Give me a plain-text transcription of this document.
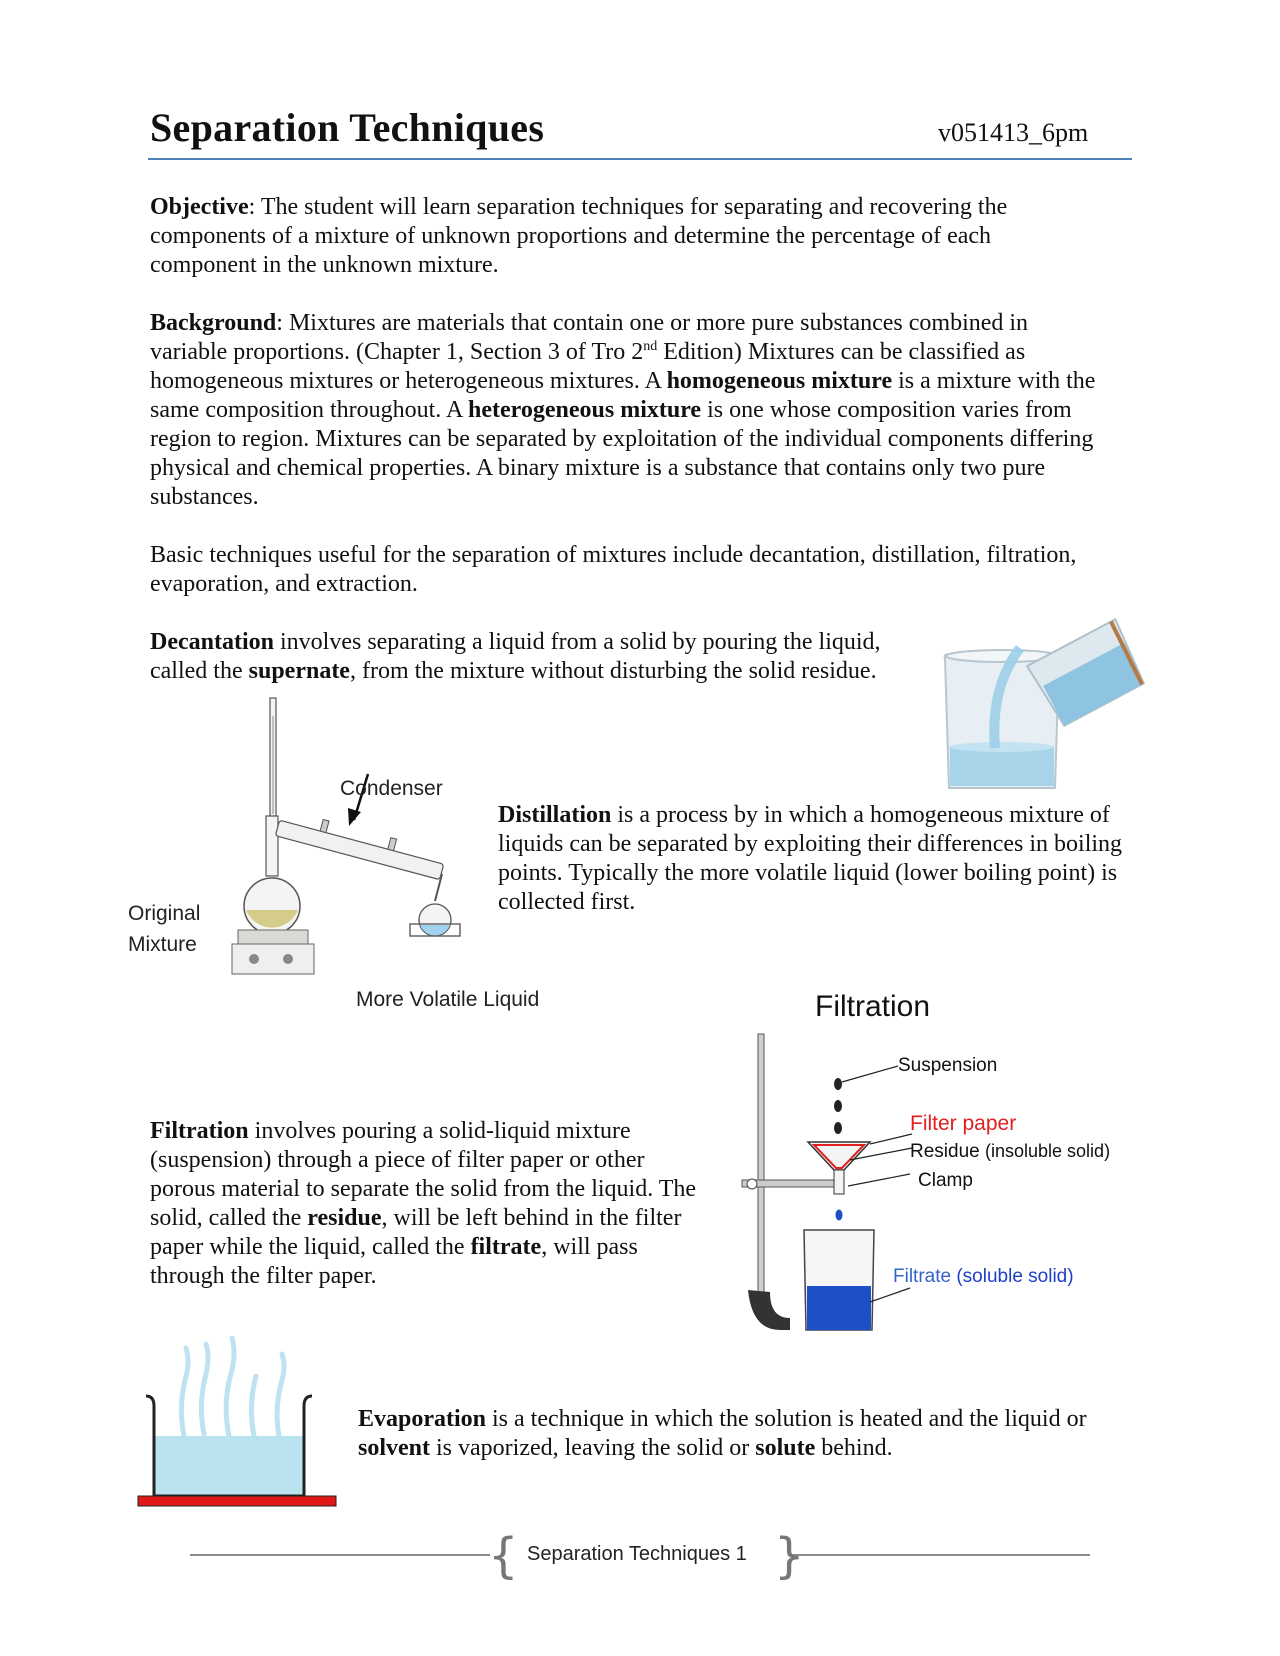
Separation Techniques	v051413_6pm
Objective: The student will learn separation techniques for separating and recovering the components of a mixture of unknown proportions and determine the percentage of each component in the unknown mixture.
Background: Mixtures are materials that contain one or more pure substances combined in variable proportions. (Chapter 1, Section 3 of Tro 2nd Edition) Mixtures can be classified as homogeneous mixtures or heterogeneous mixtures. A homogeneous mixture is a mixture with the same composition throughout. A heterogeneous mixture is one whose composition varies from region to region. Mixtures can be separated by exploitation of the individual components differing physical and chemical properties. A binary mixture is a substance that contains only two pure substances.
Basic techniques useful for the separation of mixtures include decantation, distillation, filtration, evaporation, and extraction.
Decantation involves separating a liquid from a solid by pouring the liquid, called the supernate, from the mixture without disturbing the solid residue.
Condenser
Original
Mixture
More Volatile Liquid
Distillation is a process by in which a homogeneous mixture of liquids can be separated by exploiting their differences in boiling points. Typically the more volatile liquid (lower boiling point) is collected first.
Filtration
Suspension
Filter paper
Residue (insoluble solid)
Clamp
Filtrate (soluble solid)
Filtration involves pouring a solid-liquid mixture (suspension) through a piece of filter paper or other porous material to separate the solid from the liquid. The solid, called the residue, will be left behind in the filter paper while the liquid, called the filtrate, will pass through the filter paper.
Evaporation is a technique in which the solution is heated and the liquid or solvent is vaporized, leaving the solid or solute behind.
{	}
Separation Techniques 1
